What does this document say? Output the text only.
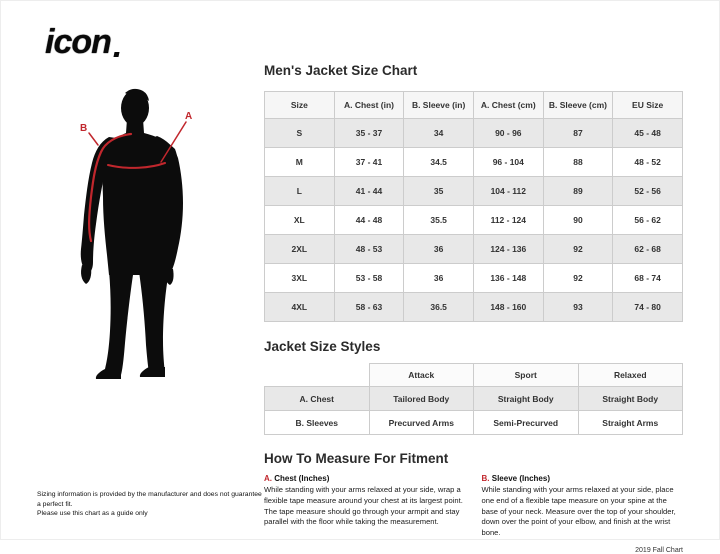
icon
A
B
Men's Jacket Size Chart
Size	A. Chest (in)	B. Sleeve (in)	A. Chest (cm)	B. Sleeve (cm)	EU Size
S	35 - 37	34	90 - 96	87	45 - 48
M	37 - 41	34.5	96 - 104	88	48 - 52
L	41 - 44	35	104 - 112	89	52 - 56
XL	44 - 48	35.5	112 - 124	90	56 - 62
2XL	48 - 53	36	124 - 136	92	62 - 68
3XL	53 - 58	36	136 - 148	92	68 - 74
4XL	58 - 63	36.5	148 - 160	93	74 - 80
Jacket Size Styles
	Attack	Sport	Relaxed
A. Chest	Tailored Body	Straight Body	Straight Body
B. Sleeves	Precurved Arms	Semi-Precurved	Straight Arms
How To Measure For Fitment
A. Chest (Inches)

While standing with your arms relaxed at your side, wrap a flexible tape measure around your chest at its largest point. The tape measure should go through your armpit and stay parallel with the floor while taking the measurement.

B. Sleeve (Inches)

While standing with your arms relaxed at your side, place one end of a flexible tape measure on your spine at the base of your neck. Measure over the top of your shoulder, down over the point of your elbow, and finish at the wrist bone.

2019 Fall Chart
Sizing information is provided by the manufacturer and does not guarantee a perfect fit.
Please use this chart as a guide only
